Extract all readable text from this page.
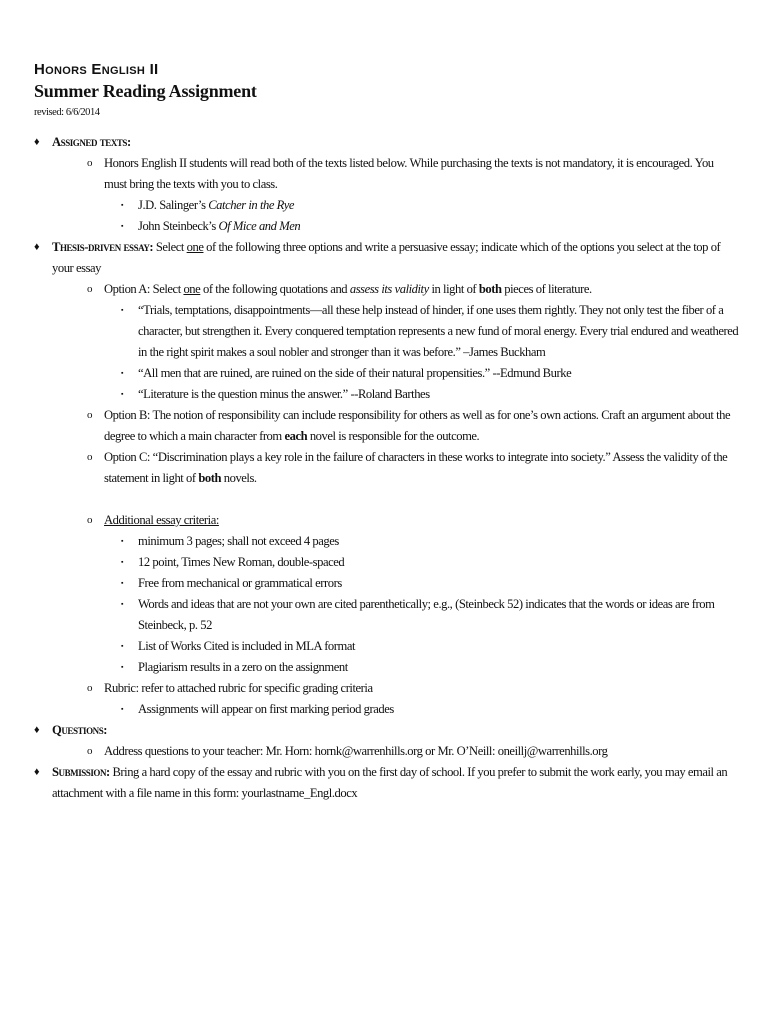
Honors English II
Summer Reading Assignment
revised: 6/6/2014
♦ Assigned texts:
o Honors English II students will read both of the texts listed below. While purchasing the texts is not mandatory, it is encouraged. You must bring the texts with you to class.
▪ J.D. Salinger’s Catcher in the Rye
▪ John Steinbeck’s Of Mice and Men
♦ Thesis-driven essay: Select one of the following three options and write a persuasive essay; indicate which of the options you select at the top of your essay
o Option A: Select one of the following quotations and assess its validity in light of both pieces of literature.
▪ “Trials, temptations, disappointments—all these help instead of hinder, if one uses them rightly. They not only test the fiber of a character, but strengthen it. Every conquered temptation represents a new fund of moral energy. Every trial endured and weathered in the right spirit makes a soul nobler and stronger than it was before.” –James Buckham
▪ “All men that are ruined, are ruined on the side of their natural propensities.” --Edmund Burke
▪ “Literature is the question minus the answer.” --Roland Barthes
o Option B: The notion of responsibility can include responsibility for others as well as for one’s own actions. Craft an argument about the degree to which a main character from each novel is responsible for the outcome.
o Option C: “Discrimination plays a key role in the failure of characters in these works to integrate into society.” Assess the validity of the statement in light of both novels.
o Additional essay criteria:
▪ minimum 3 pages; shall not exceed 4 pages
▪ 12 point, Times New Roman, double-spaced
▪ Free from mechanical or grammatical errors
▪ Words and ideas that are not your own are cited parenthetically; e.g., (Steinbeck 52) indicates that the words or ideas are from Steinbeck, p. 52
▪ List of Works Cited is included in MLA format
▪ Plagiarism results in a zero on the assignment
o Rubric: refer to attached rubric for specific grading criteria
▪ Assignments will appear on first marking period grades
♦ Questions:
o Address questions to your teacher: Mr. Horn: hornk@warrenhills.org or Mr. O’Neill: oneillj@warrenhills.org
♦ Submission: Bring a hard copy of the essay and rubric with you on the first day of school. If you prefer to submit the work early, you may email an attachment with a file name in this form: yourlastname_Engl.docx
